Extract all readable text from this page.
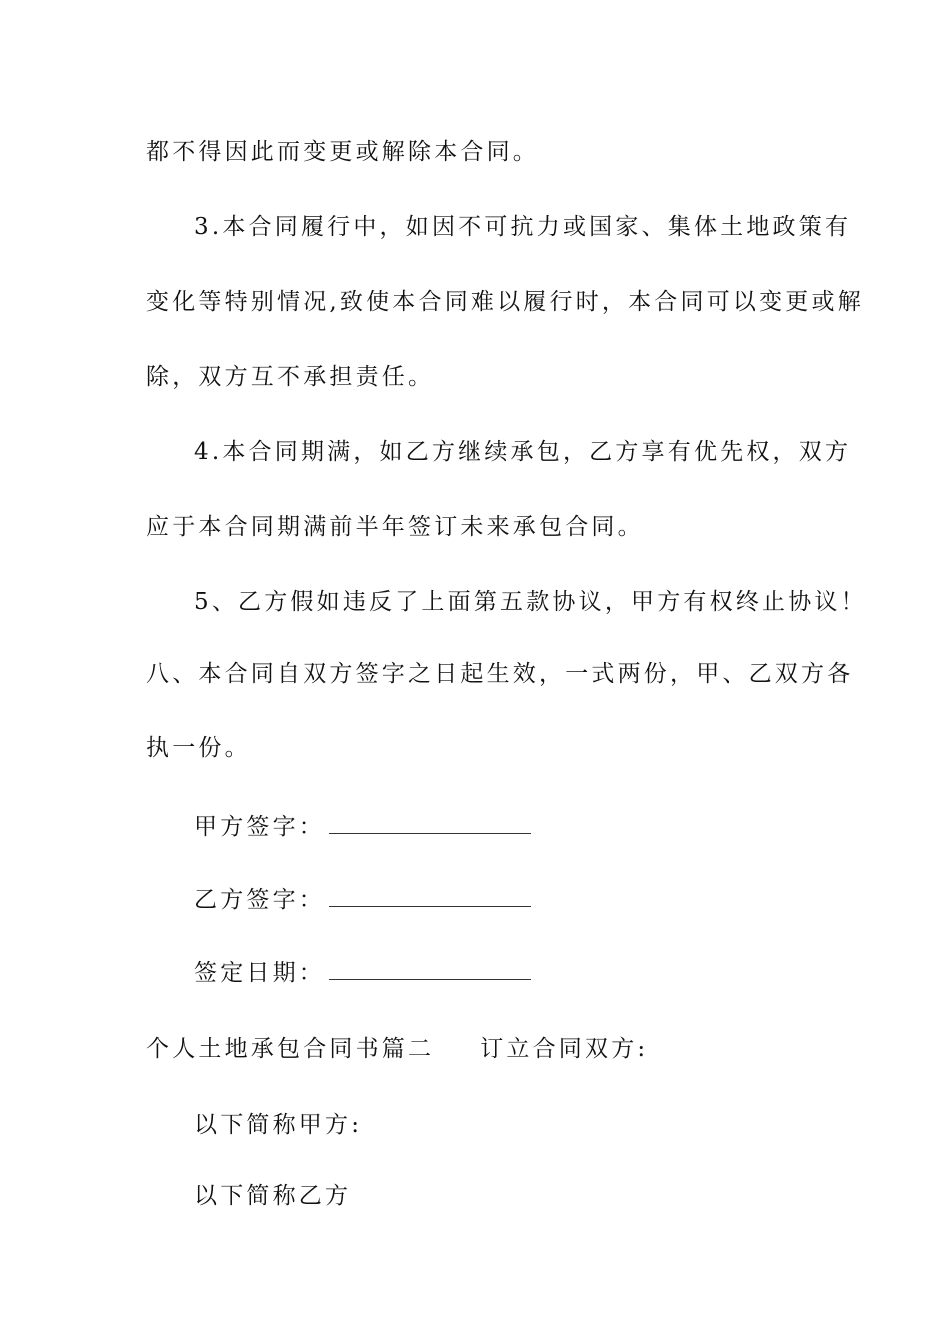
都不得因此而变更或解除本合同。
3.本合同履行中，如因不可抗力或国家、集体土地政策有
变化等特别情况,致使本合同难以履行时，本合同可以变更或解
除，双方互不承担责任。
4.本合同期满，如乙方继续承包，乙方享有优先权，双方
应于本合同期满前半年签订未来承包合同。
5、乙方假如违反了上面第五款协议，甲方有权终止协议！
八、本合同自双方签字之日起生效，一式两份，甲、乙双方各
执一份。
甲方签字：
乙方签字：
签定日期：
个人土地承包合同书篇二 订立合同双方:
以下简称甲方:
以下简称乙方
